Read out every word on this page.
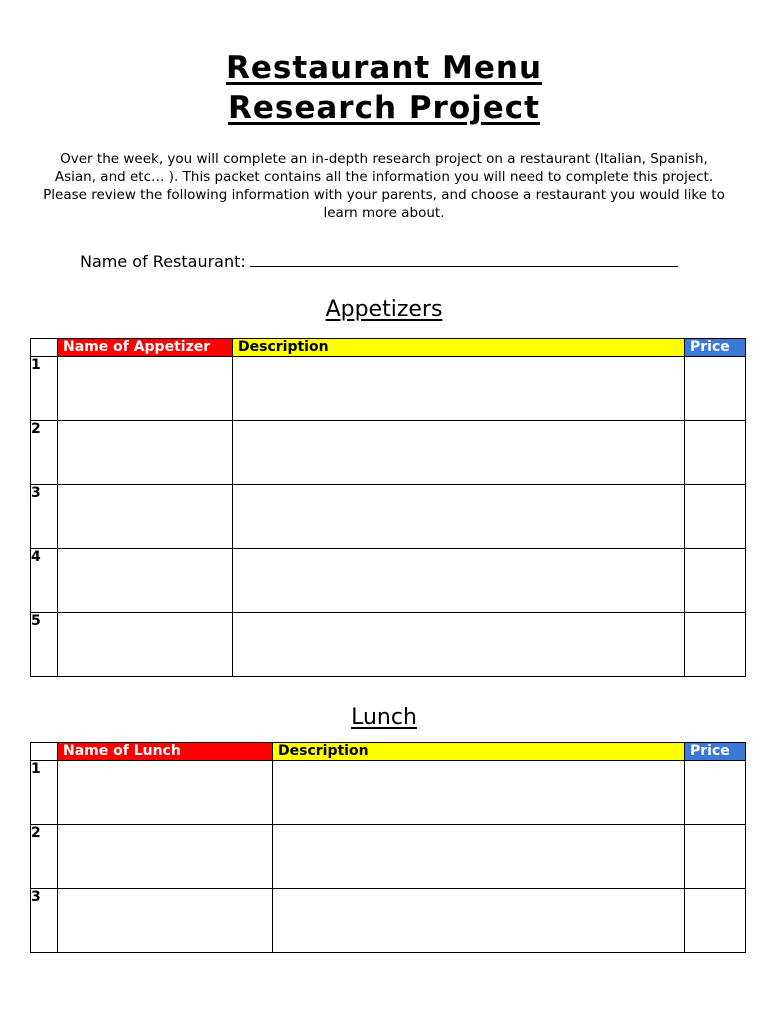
Restaurant Menu
Research Project
Over the week, you will complete an in-depth research project on a restaurant (Italian, Spanish, Asian, and etc… ). This packet contains all the information you will need to complete this project. Please review the following information with your parents, and choose a restaurant you would like to learn more about.
Name of Restaurant:
Appetizers
	Name of Appetizer	Description	Price
1			
2			
3			
4			
5			
Lunch
	Name of Lunch	Description	Price
1			
2			
3			
